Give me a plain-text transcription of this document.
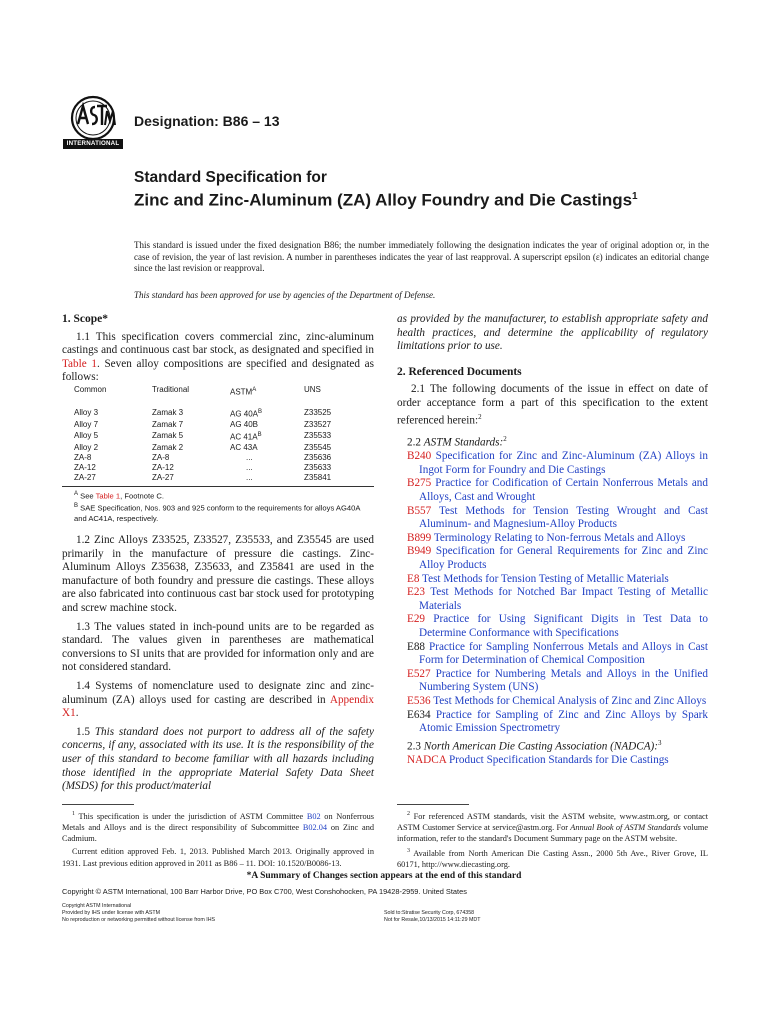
INTERNATIONAL
Designation: B86 – 13
Standard Specification for
Zinc and Zinc-Aluminum (ZA) Alloy Foundry and Die Castings$^1$
This standard is issued under the fixed designation B86; the number immediately following the designation indicates the year of original adoption or, in the case of revision, the year of last revision. A number in parentheses indicates the year of last reapproval. A superscript epsilon (ε) indicates an editorial change since the last revision or reapproval.
This standard has been approved for use by agencies of the Department of Defense.
1. Scope*

1.1 This specification covers commercial zinc, zinc-aluminum castings and continuous cast bar stock, as designated and specified in Table 1. Seven alloy compositions are specified and designated as follows:

Common	Traditional	$ASTM^A$	UNS
Alloy 3	Zamak 3	AG $40A^B$	Z33525
Alloy 7	Zamak 7	AG 40B	Z33527
Alloy 5	Zamak 5	AC $41A^B$	Z35533
Alloy 2	Zamak 2	AC 43A	Z35545
ZA-8	ZA-8	...	Z35636
ZA-12	ZA-12	...	Z35633
ZA-27	ZA-27	...	Z35841
$^A$ See Table 1, Footnote C.
$^B$ SAE Specification, Nos. 903 and 925 conform to the requirements for alloys AG40A and AC41A, respectively.

1.2 Zinc Alloys Z33525, Z33527, Z35533, and Z35545 are used primarily in the manufacture of pressure die castings. Zinc-Aluminum Alloys Z35638, Z35633, and Z35841 are used in the manufacture of both foundry and pressure die castings. These alloys are also fabricated into continuous cast bar stock used for prototyping and screw machine stock.

1.3 The values stated in inch-pound units are to be regarded as standard. The values given in parentheses are mathematical conversions to SI units that are provided for information only and are not considered standard.

1.4 Systems of nomenclature used to designate zinc and zinc-aluminum (ZA) alloys used for casting are described in Appendix X1.

1.5 This standard does not purport to address all of the safety concerns, if any, associated with its use. It is the responsibility of the user of this standard to become familiar with all hazards including those identified in the appropriate Material Safety Data Sheet (MSDS) for this product/material

as provided by the manufacturer, to establish appropriate safety and health practices, and determine the applicability of regulatory limitations prior to use.

2. Referenced Documents

2.1 The following documents of the issue in effect on date of order acceptance form a part of this specification to the extent referenced herein:$^2$

2.2 ASTM Standards:$^2$

B240 Specification for Zinc and Zinc-Aluminum (ZA) Alloys in Ingot Form for Foundry and Die Castings

B275 Practice for Codification of Certain Nonferrous Metals and Alloys, Cast and Wrought

B557 Test Methods for Tension Testing Wrought and Cast Aluminum- and Magnesium-Alloy Products

B899 Terminology Relating to Non-ferrous Metals and Alloys

B949 Specification for General Requirements for Zinc and Zinc Alloy Products

E8 Test Methods for Tension Testing of Metallic Materials

E23 Test Methods for Notched Bar Impact Testing of Metallic Materials

E29 Practice for Using Significant Digits in Test Data to Determine Conformance with Specifications

E88 Practice for Sampling Nonferrous Metals and Alloys in Cast Form for Determination of Chemical Composition

E527 Practice for Numbering Metals and Alloys in the Unified Numbering System (UNS)

E536 Test Methods for Chemical Analysis of Zinc and Zinc Alloys

E634 Practice for Sampling of Zinc and Zinc Alloys by Spark Atomic Emission Spectrometry

2.3 North American Die Casting Association (NADCA):$^3$

NADCA Product Specification Standards for Die Castings

$^1$ This specification is under the jurisdiction of ASTM Committee B02 on Nonferrous Metals and Alloys and is the direct responsibility of Subcommittee B02.04 on Zinc and Cadmium.

Current edition approved Feb. 1, 2013. Published March 2013. Originally approved in 1931. Last previous edition approved in 2011 as B86 – 11. DOI: 10.1520/B0086-13.

$^2$ For referenced ASTM standards, visit the ASTM website, www.astm.org, or contact ASTM Customer Service at service@astm.org. For Annual Book of ASTM Standards volume information, refer to the standard's Document Summary page on the ASTM website.

$^3$ Available from North American Die Casting Assn., 2000 5th Ave., River Grove, IL 60171, http://www.diecasting.org.

*A Summary of Changes section appears at the end of this standard
Copyright © ASTM International, 100 Barr Harbor Drive, PO Box C700, West Conshohocken, PA 19428-2959. United States
Copyright ASTM International
Provided by IHS under license with ASTM
No reproduction or networking permitted without license from IHS
Sold to:Stratise Security Corp, 674358
Not for Resale,10/13/2015 14:11:29 MDT
